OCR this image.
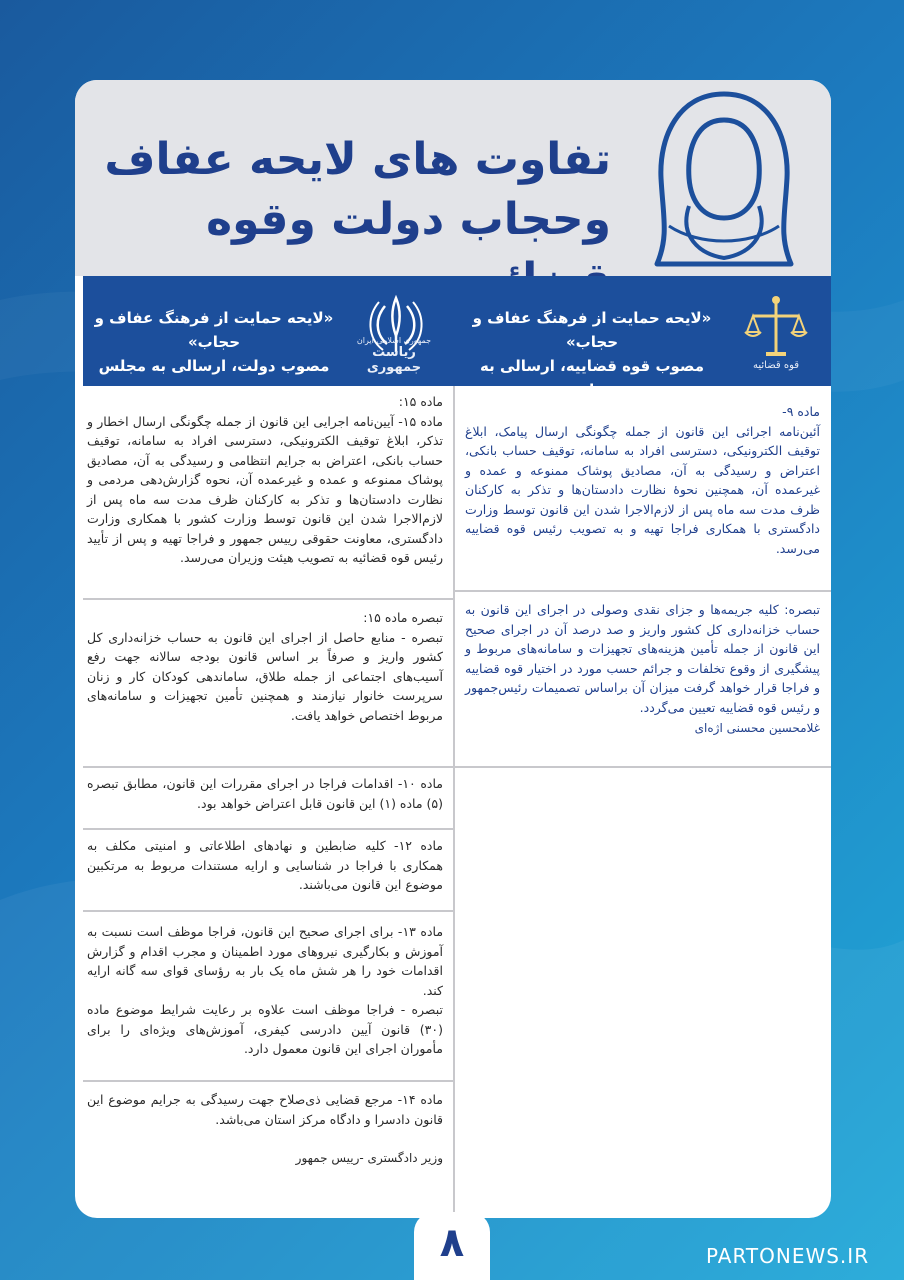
تفاوت های لایحه عفاف
وحجاب دولت وقوه
«لایحه حمایت از فرهنگ عفاف و حجاب»
مصوب قوه قضاییه، ارسالی به دولت
قوه قضائیه
«لایحه حمایت از فرهنگ عفاف و حجاب»
مصوب دولت، ارسالی به مجلس
جمهوری اسلامی ایران
ریاست جمهوری

ماده ۹-

آئین‌نامه اجرائی این قانون از جمله چگونگی ارسال پیامک، ابلاغ توقیف الکترونیکی، دسترسی افراد به سامانه، توقیف حساب بانکی، اعتراض و رسیدگی به آن، مصادیق پوشاک ممنوعه و عمده و غیرعمده آن، همچنین نحوهٔ نظارت دادستان‌ها و تذکر به کارکنان ظرف مدت سه ماه پس از لازم‌الاجرا شدن این قانون توسط وزارت دادگستری با همکاری فراجا تهیه و به تصویب رئیس قوه قضاییه می‌رسد.

تبصره: کلیه جریمه‌ها و جزای نقدی وصولی در اجرای این قانون به حساب خزانه‌داری کل کشور واریز و صد درصد آن در اجرای صحیح این قانون از جمله تأمین هزینه‌های تجهیزات و سامانه‌های مربوط و پیشگیری از وقوع تخلفات و جرائم حسب مورد در اختیار قوه قضاییه و فراجا قرار خواهد گرفت میزان آن براساس تصمیمات رئیس‌جمهور و رئیس قوه قضاییه تعیین می‌گردد.

غلامحسین محسنی اژه‌ای

ماده ۱۵:

ماده ۱۵- آیین‌نامه اجرایی این قانون از جمله چگونگی ارسال اخطار و تذکر، ابلاغ توقیف الکترونیکی، دسترسی افراد به سامانه، توقیف حساب بانکی، اعتراض به جرایم انتظامی و رسیدگی به آن، مصادیق پوشاک ممنوعه و عمده و غیرعمده آن، نحوه گزارش‌دهی مردمی و نظارت دادستان‌ها و تذکر به کارکنان ظرف مدت سه ماه پس از لازم‌الاجرا شدن این قانون توسط وزارت کشور با همکاری وزارت دادگستری، معاونت حقوقی رییس جمهور و فراجا تهیه و پس از تأیید رئیس قوه قضائیه به تصویب هیئت وزیران می‌رسد.

تبصره ماده ۱۵:

تبصره - منابع حاصل از اجرای این قانون به حساب خزانه‌داری کل کشور واریز و صرفاً بر اساس قانون بودجه سالانه جهت رفع آسیب‌های اجتماعی از جمله طلاق، ساماندهی کودکان کار و زنان سرپرست خانوار نیازمند و همچنین تأمین تجهیزات و سامانه‌های مربوط اختصاص خواهد یافت.

ماده ۱۰- اقدامات فراجا در اجرای مقررات این قانون، مطابق تبصره (۵) ماده (۱) این قانون قابل اعتراض خواهد بود.

ماده ۱۲- کلیه ضابطین و نهادهای اطلاعاتی و امنیتی مکلف به همکاری با فراجا در شناسایی و ارایه مستندات مربوط به مرتکبین موضوع این قانون می‌باشند.

ماده ۱۳- برای اجرای صحیح این قانون، فراجا موظف است نسبت به آموزش و بکارگیری نیروهای مورد اطمینان و مجرب اقدام و گزارش اقدامات خود را هر شش ماه یک بار به رؤسای قوای سه گانه ارایه کند.

تبصره - فراجا موظف است علاوه بر رعایت شرایط موضوع ماده (۳۰) قانون آیین دادرسی کیفری، آموزش‌های ویژه‌ای را برای مأموران اجرای این قانون معمول دارد.

ماده ۱۴- مرجع قضایی ذی‌صلاح جهت رسیدگی به جرایم موضوع این قانون دادسرا و دادگاه مرکز استان می‌باشد.

وزیر دادگستری -رییس جمهور

۸	PARTONEWS.IR
